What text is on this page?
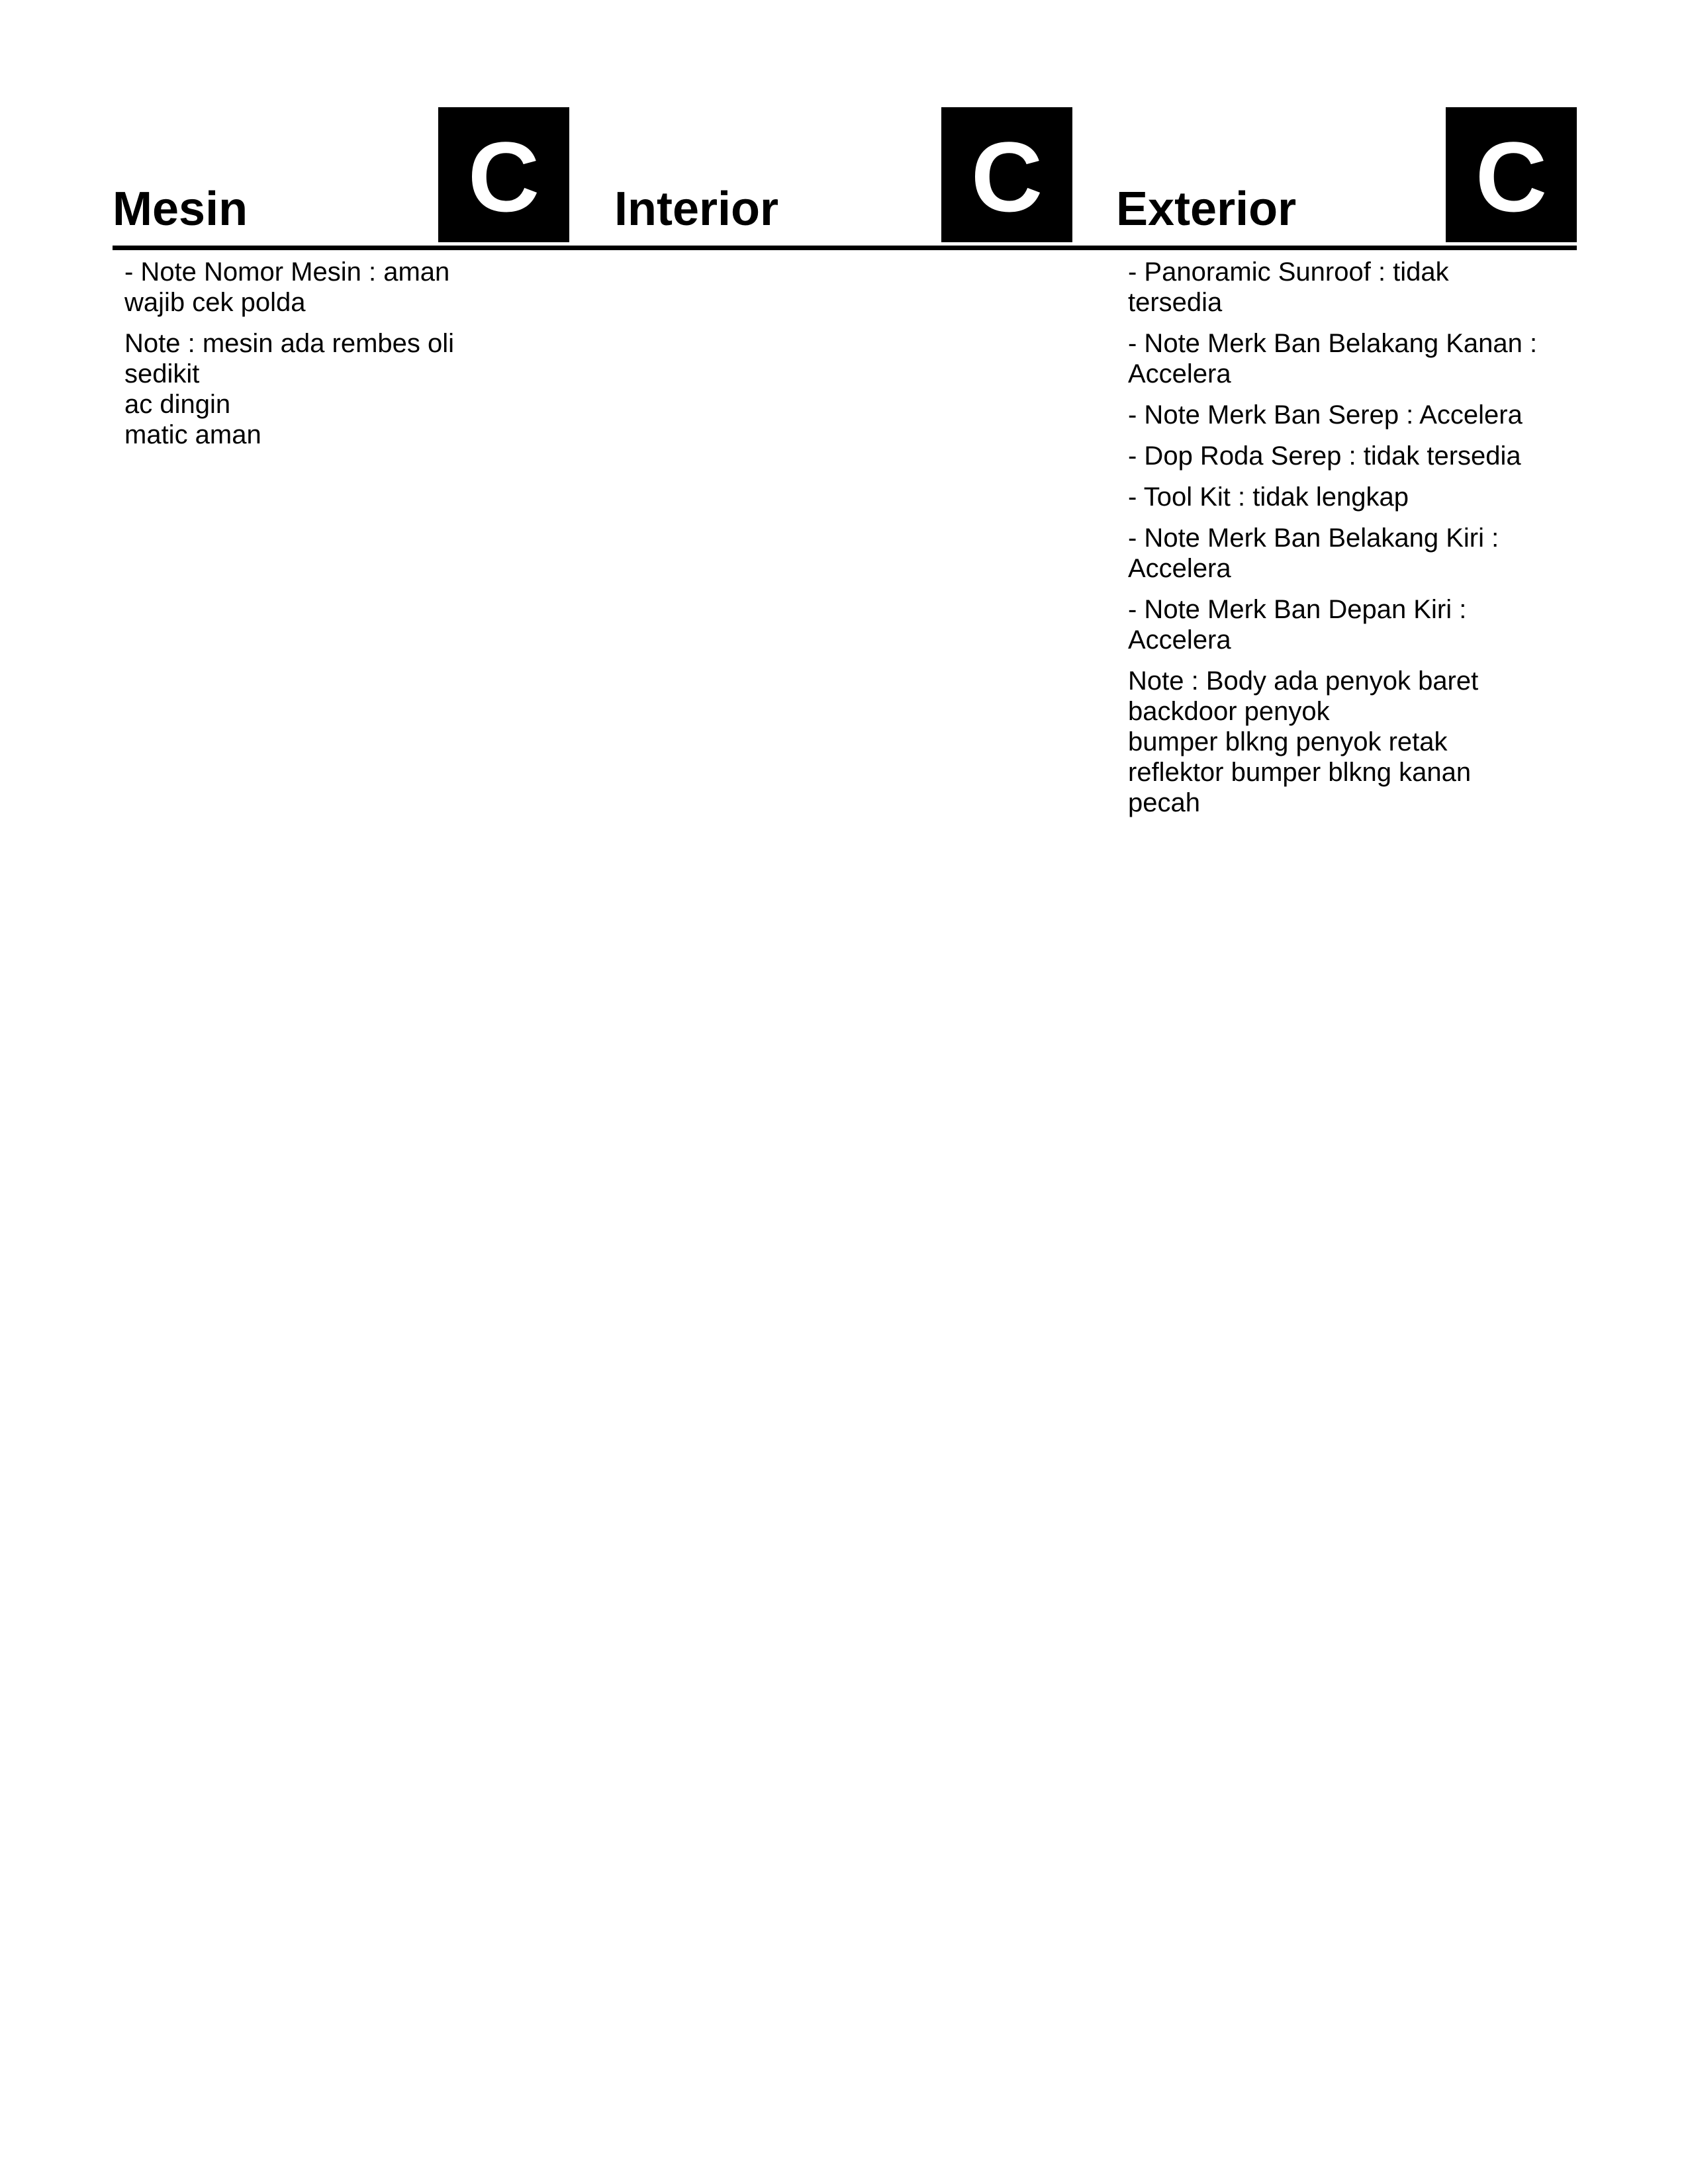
Mesin C	Interior C	Exterior C

- Note Nomor Mesin : aman
wajib cek polda

Note : mesin ada rembes oli
sedikit
ac dingin
matic aman

- Panoramic Sunroof : tidak
tersedia

- Note Merk Ban Belakang Kanan :
Accelera

- Note Merk Ban Serep : Accelera

- Dop Roda Serep : tidak tersedia

- Tool Kit : tidak lengkap

- Note Merk Ban Belakang Kiri :
Accelera

- Note Merk Ban Depan Kiri :
Accelera

Note : Body ada penyok baret
backdoor penyok
bumper blkng penyok retak
reflektor bumper blkng kanan
pecah
